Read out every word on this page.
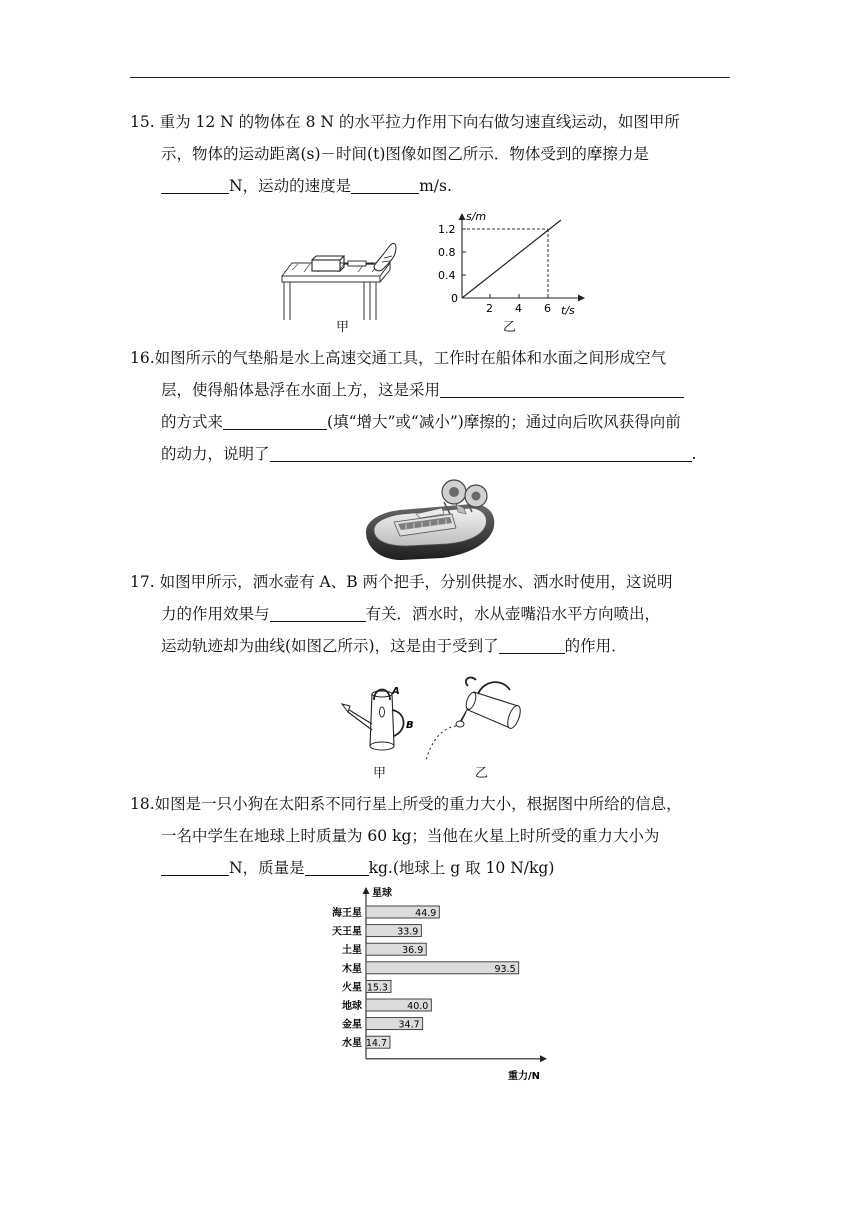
15. 重为 12 N 的物体在 8 N 的水平拉力作用下向右做匀速直线运动，如图甲所

示，物体的运动距离(s)－时间(t)图像如图乙所示．物体受到的摩擦力是

N，运动的速度是	m/s.

甲
s/m
t/s
0
0.4
0.8
1.2
2 4 6
乙

16.如图所示的气垫船是水上高速交通工具，工作时在船体和水面之间形成空气

层，使得船体悬浮在水面上方，这是采用

的方式来	(填“增大”或“减小”)摩擦的；通过向后吹风获得向前

的动力，说明了	.

17. 如图甲所示，洒水壶有 A、B 两个把手，分别供提水、洒水时使用，这说明

力的作用效果与	有关．洒水时，水从壶嘴沿水平方向喷出，

运动轨迹却为曲线(如图乙所示)，这是由于受到了	的作用．

A
B
甲	乙

18.如图是一只小狗在太阳系不同行星上所受的重力大小，根据图中所给的信息，

一名中学生在地球上时质量为 60 kg；当他在火星上时所受的重力大小为

N，质量是	kg.(地球上 g 取 10 N/kg)

星球
重力/N
海王星	44.9
天王星	33.9
土星	36.9
木星	93.5
火星 15.3
地球	40.0
金星	34.7
水星 14.7
